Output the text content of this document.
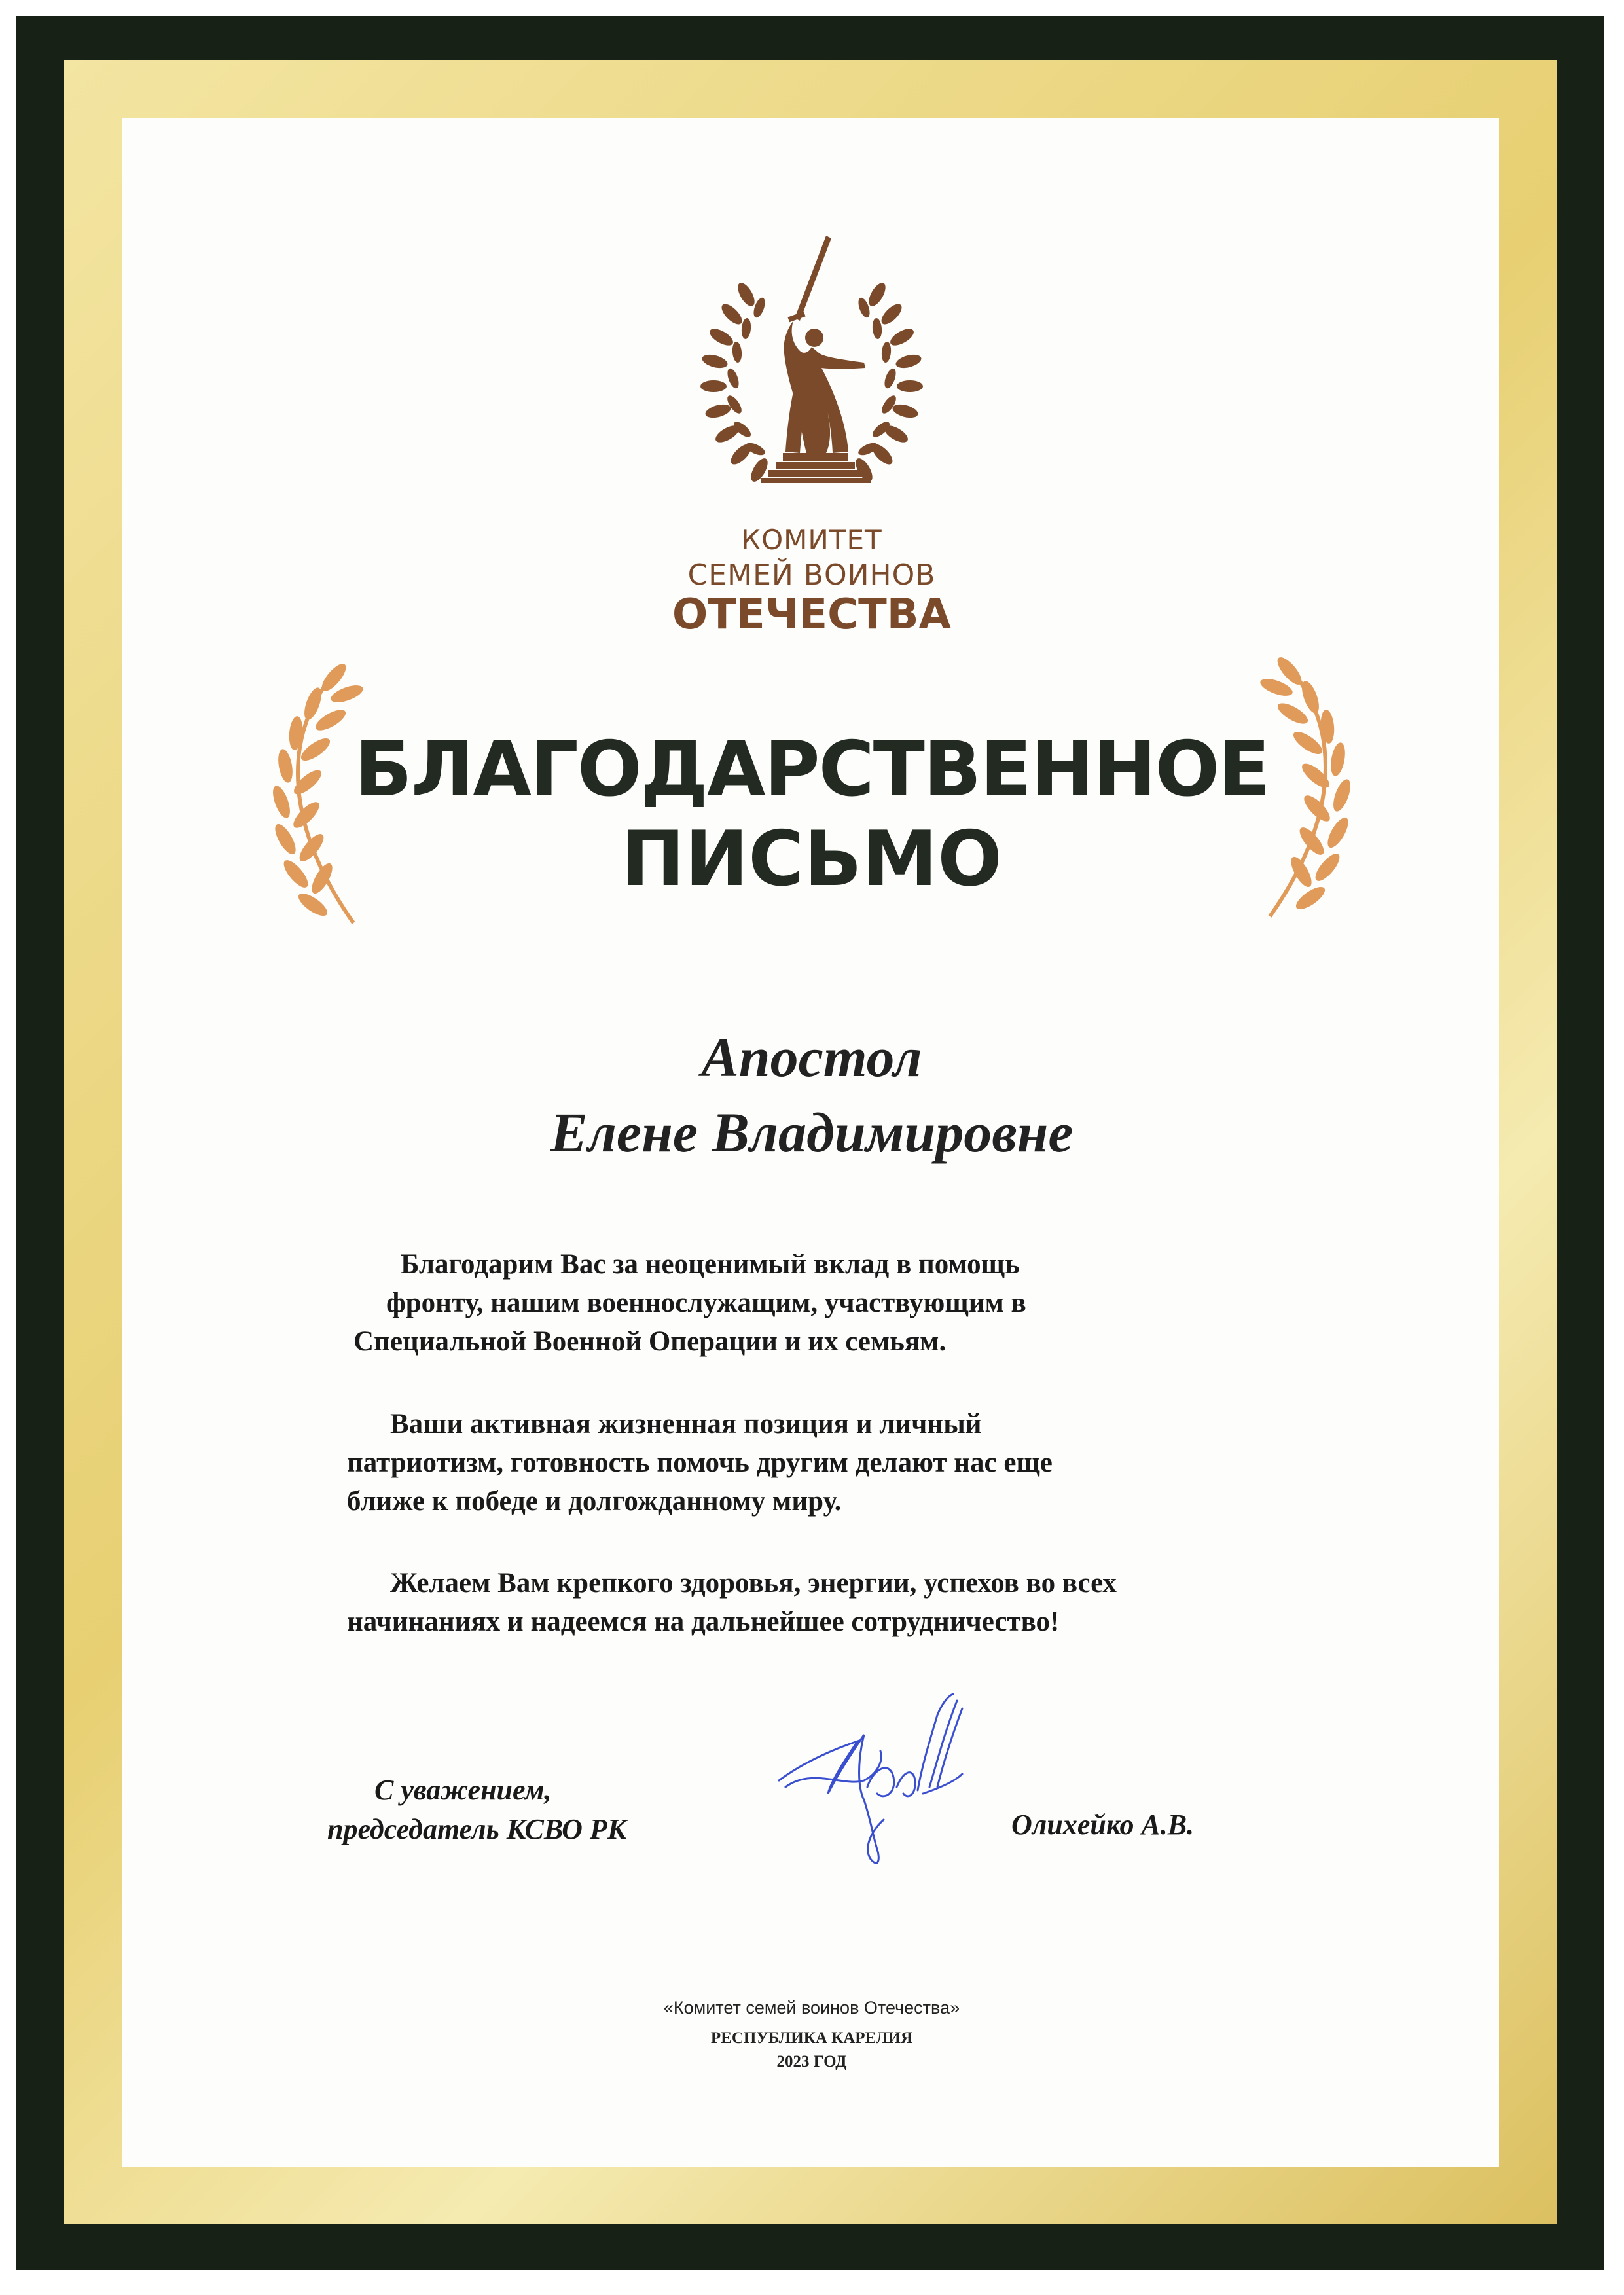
КОМИТЕТ
СЕМЕЙ ВОИНОВ
ОТЕЧЕСТВА
БЛАГОДАРСТВЕННОЕ
ПИСЬМО
Апостол
Елене Владимировне
Благодарим Вас за неоценимый вклад в помощь
фронту, нашим военнослужащим, участвующим в
Специальной Военной Операции и их семьям.
Ваши активная жизненная позиция и личный
патриотизм, готовность помочь другим делают нас еще
ближе к победе и долгожданному миру.
Желаем Вам крепкого здоровья, энергии, успехов во всех
начинаниях и надеемся на дальнейшее сотрудничество!
С уважением,
председатель КСВО РК	Олихейко А.В.
«Комитет семей воинов Отечества»
РЕСПУБЛИКА КАРЕЛИЯ
2023 ГОД
